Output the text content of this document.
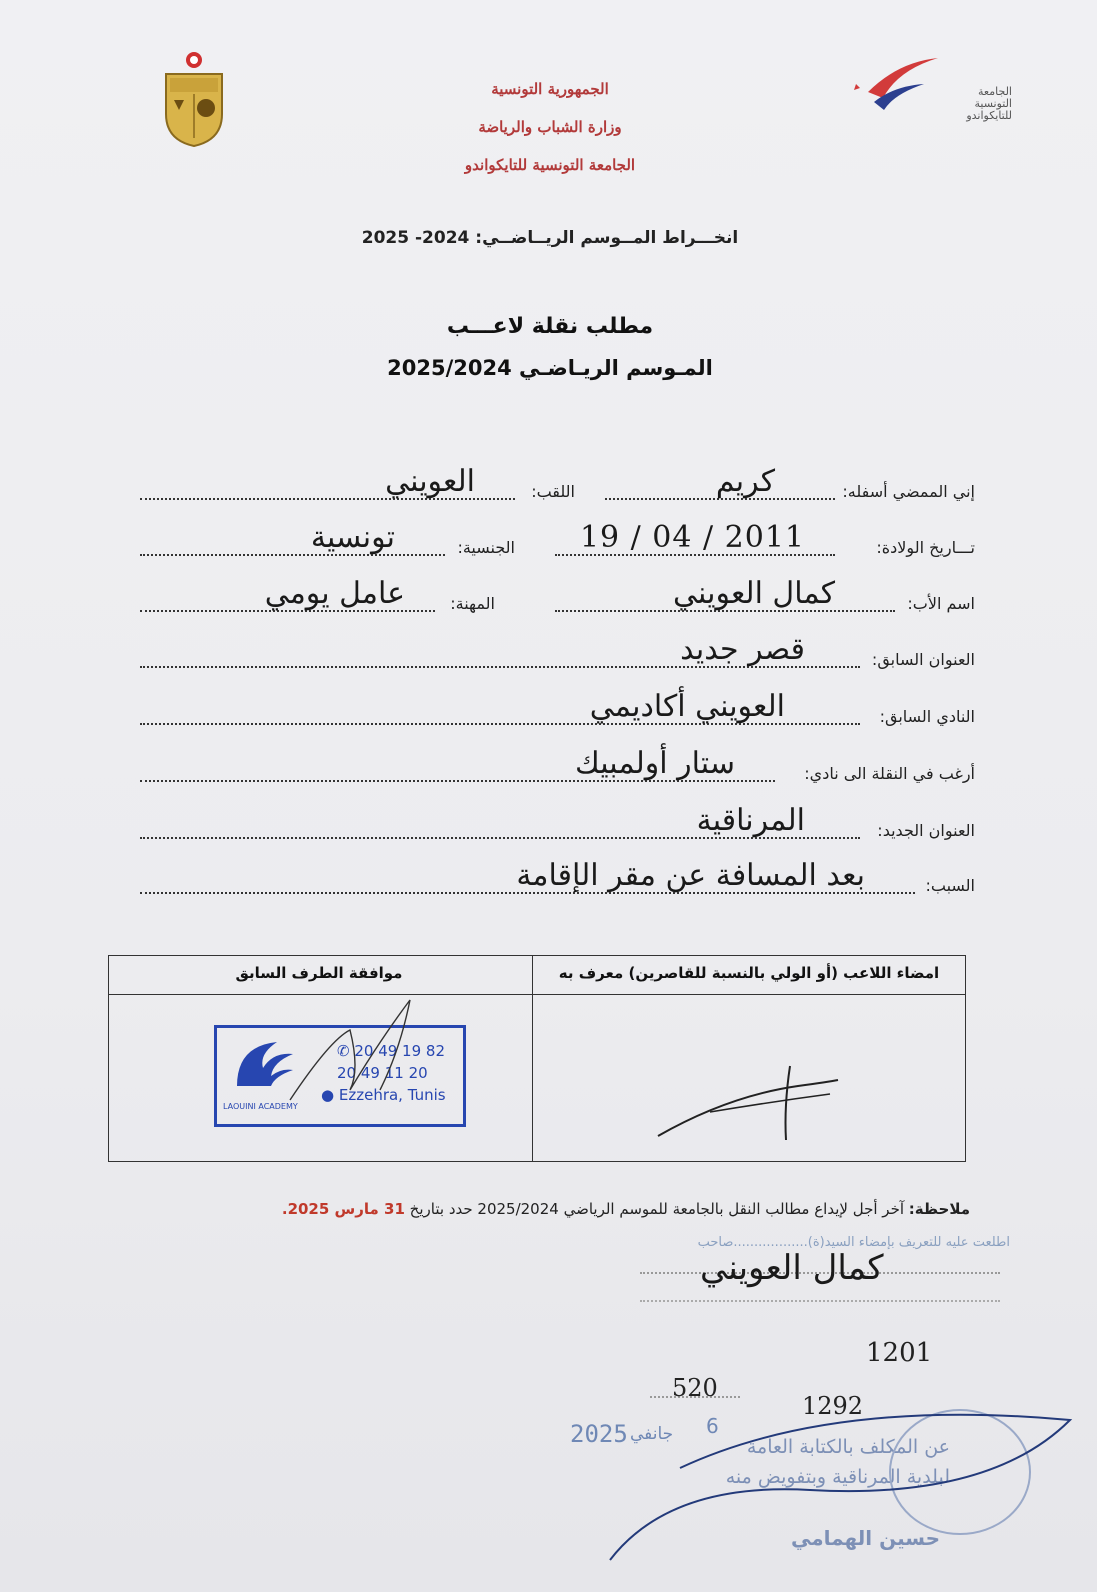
الجمهورية التونسية
وزارة الشباب والرياضة
الجامعة التونسية للتايكواندو
الجامعة
التونسية
للتايكواندو
انخـــراط المــوسم الريــاضــي: 2024- 2025
مطلب نقلة لاعـــب
المـوسم الريـاضـي 2025/2024
إني الممضي أسفله:
كريم
اللقب:
العويني
تـــاريخ الولادة:
19 / 04 / 2011
الجنسية:
تونسية
اسم الأب:
كمال العويني
المهنة:
عامل يومي
العنوان السابق:
قصر جديد
النادي السابق:
العويني أكاديمي
أرغب في النقلة الى نادي:
ستار أولمبيك
العنوان الجديد:
المرناقية
السبب:
بعد المسافة عن مقر الإقامة
امضاء اللاعب (أو الولي بالنسبة للقاصرين) معرف به
موافقة الطرف السابق
✆ 20 49 19 82
20 49 11 20
● Ezzehra, Tunis
LAOUINI ACADEMY
ملاحظة: آخر أجل لإيداع مطالب النقل بالجامعة للموسم الرياضي 2025/2024 حدد بتاريخ 31 مارس 2025.
اطلعت عليه للتعريف بإمضاء السيد(ة)..................صاحب
كمال العويني
1201
520
1292
2025 جانفي 6
عن المكلف بالكتابة العامة
لبلدية المرناقية وبتفويض منه
حسين الهمامي
